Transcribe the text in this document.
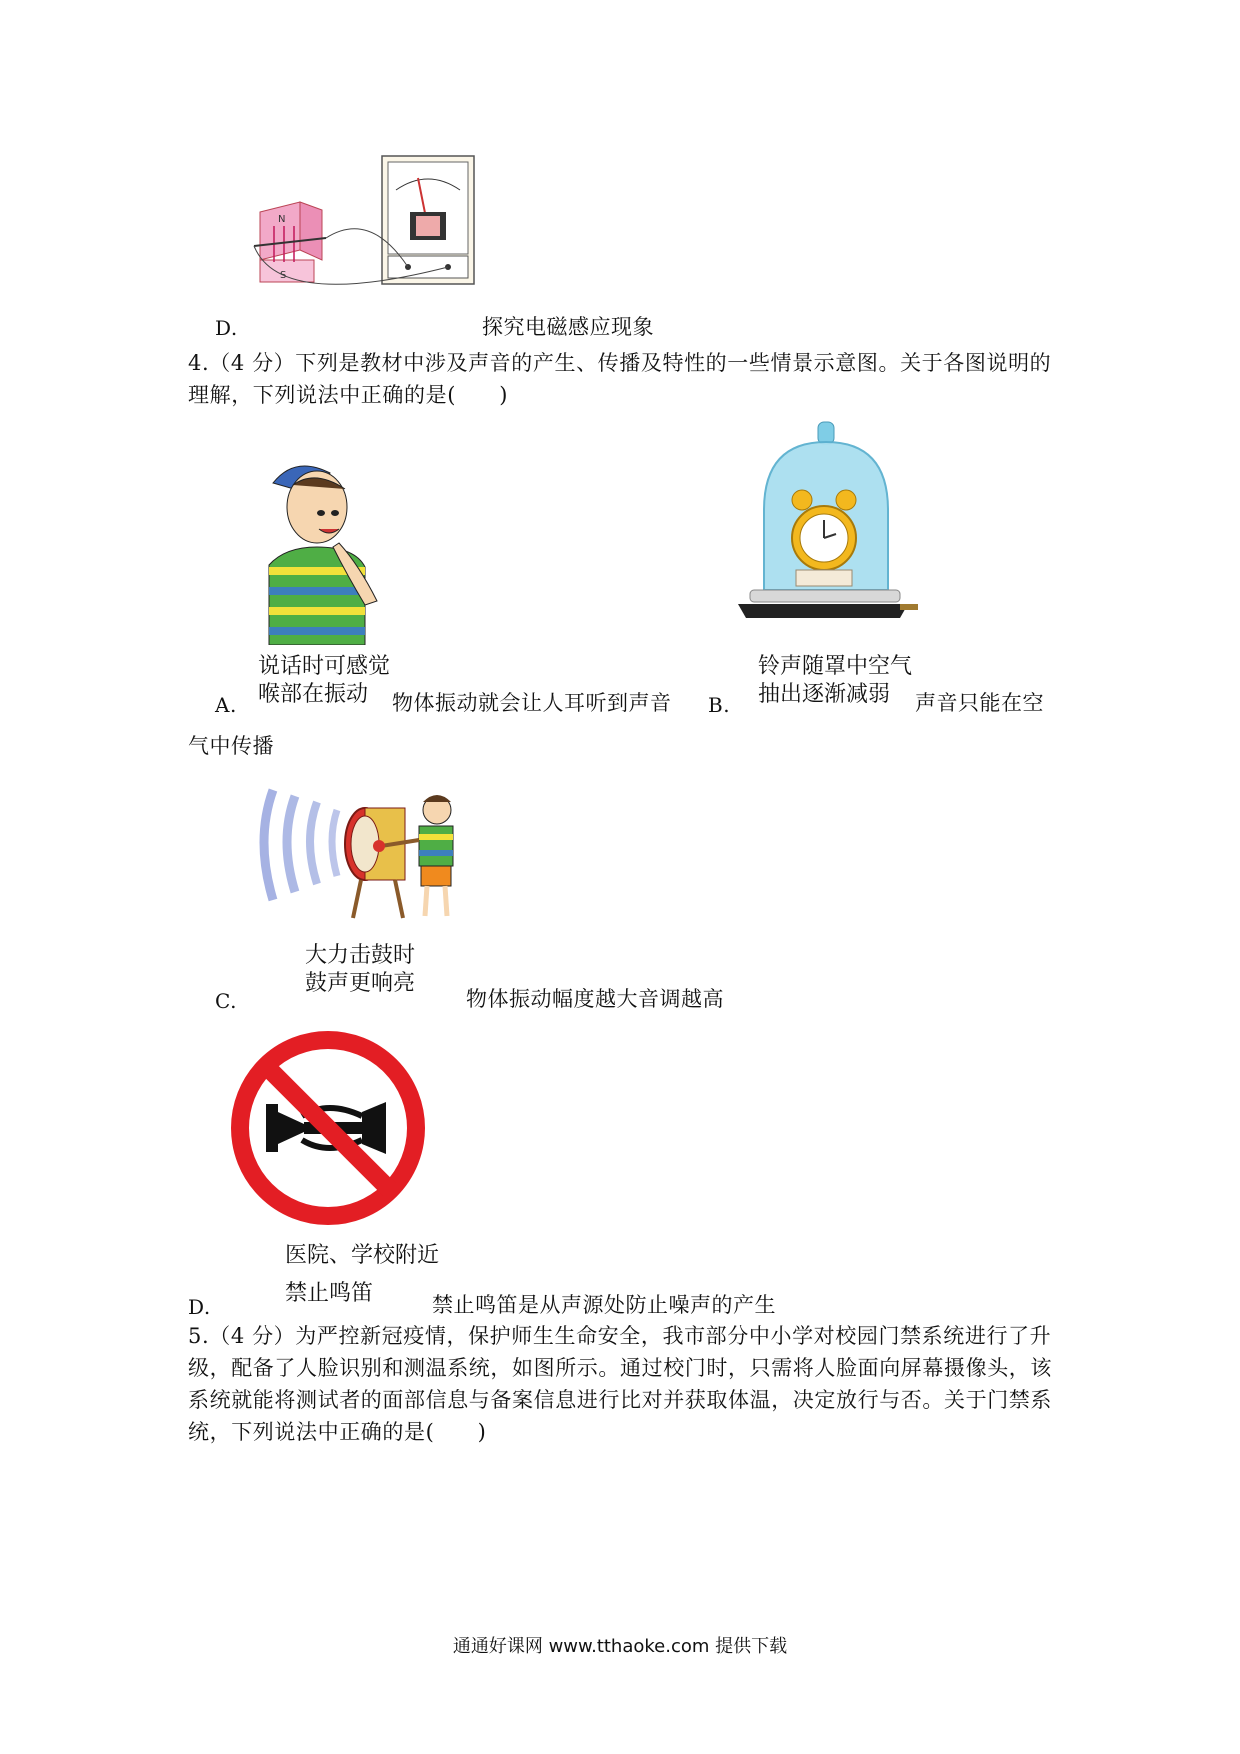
N
S
D.	探究电磁感应现象
4.（4 分）下列是教材中涉及声音的产生、传播及特性的一些情景示意图。关于各图说明的理解，下列说法中正确的是(　　)
说话时可感觉
喉部在振动
A.	物体振动就会让人耳听到声音
铃声随罩中空气
抽出逐渐减弱
B.	声音只能在空
气中传播
大力击鼓时
鼓声更响亮
C.	物体振动幅度越大音调越高
医院、学校附近
禁止鸣笛
D.	禁止鸣笛是从声源处防止噪声的产生
5.（4 分）为严控新冠疫情，保护师生生命安全，我市部分中小学对校园门禁系统进行了升级，配备了人脸识别和测温系统，如图所示。通过校门时，只需将人脸面向屏幕摄像头，该系统就能将测试者的面部信息与备案信息进行比对并获取体温，决定放行与否。关于门禁系统，下列说法中正确的是(　　)
通通好课网 www.tthaoke.com 提供下载
